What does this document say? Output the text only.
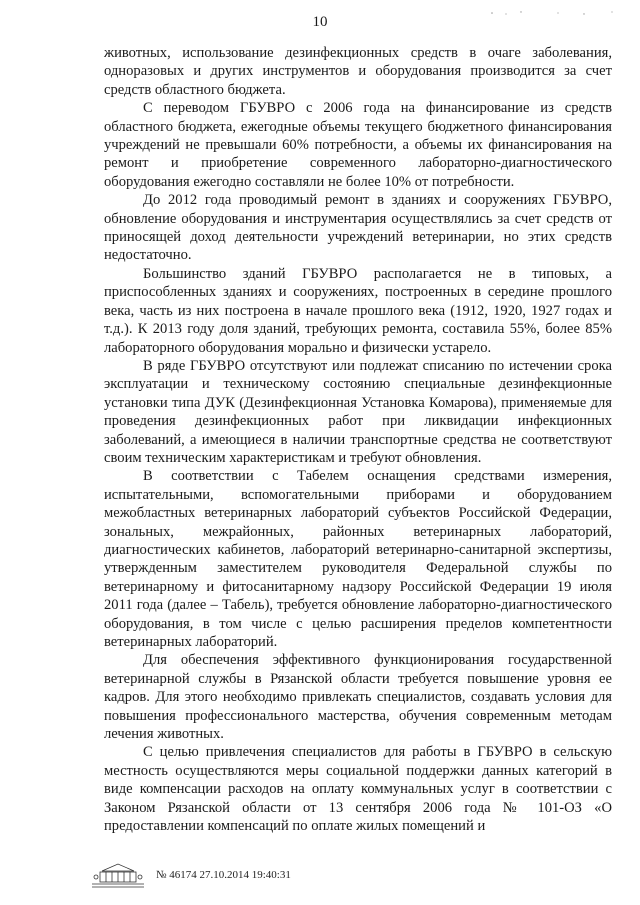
10

животных, использование дезинфекционных средств в очаге заболевания, одноразовых и других инструментов и оборудования производится за счет средств областного бюджета.

С переводом ГБУВРО с 2006 года на финансирование из средств областного бюджета, ежегодные объемы текущего бюджетного финансирования учреждений не превышали 60% потребности, а объемы их финансирования на ремонт и приобретение современного лабораторно-диагностического оборудования ежегодно составляли не более 10% от потребности.

До 2012 года проводимый ремонт в зданиях и сооружениях ГБУВРО, обновление оборудования и инструментария осуществлялись за счет средств от приносящей доход деятельности учреждений ветеринарии, но этих средств недостаточно.

Большинство зданий ГБУВРО располагается не в типовых, а приспособленных зданиях и сооружениях, построенных в середине прошлого века, часть из них построена в начале прошлого века (1912, 1920, 1927 годах и т.д.). К 2013 году доля зданий, требующих ремонта, составила 55%, более 85% лабораторного оборудования морально и физически устарело.

В ряде ГБУВРО отсутствуют или подлежат списанию по истечении срока эксплуатации и техническому состоянию специальные дезинфекционные установки типа ДУК (Дезинфекционная Установка Комарова), применяемые для проведения дезинфекционных работ при ликвидации инфекционных заболеваний, а имеющиеся в наличии транспортные средства не соответствуют своим техническим характеристикам и требуют обновления.

В соответствии с Табелем оснащения средствами измерения, испытательными, вспомогательными приборами и оборудованием межобластных ветеринарных лабораторий субъектов Российской Федерации, зональных, межрайонных, районных ветеринарных лабораторий, диагностических кабинетов, лабораторий ветеринарно-санитарной экспертизы, утвержденным заместителем руководителя Федеральной службы по ветеринарному и фитосанитарному надзору Российской Федерации 19 июля 2011 года (далее – Табель), требуется обновление лабораторно-диагностического оборудования, в том числе с целью расширения пределов компетентности ветеринарных лабораторий.

Для обеспечения эффективного функционирования государственной ветеринарной службы в Рязанской области требуется повышение уровня ее кадров. Для этого необходимо привлекать специалистов, создавать условия для повышения профессионального мастерства, обучения современным методам лечения животных.

С целью привлечения специалистов для работы в ГБУВРО в сельскую местность осуществляются меры социальной поддержки данных категорий в виде компенсации расходов на оплату коммунальных услуг в соответствии с Законом Рязанской области от 13 сентября 2006 года № 101-ОЗ «О предоставлении компенсаций по оплате жилых помещений и

№ 46174 27.10.2014 19:40:31
